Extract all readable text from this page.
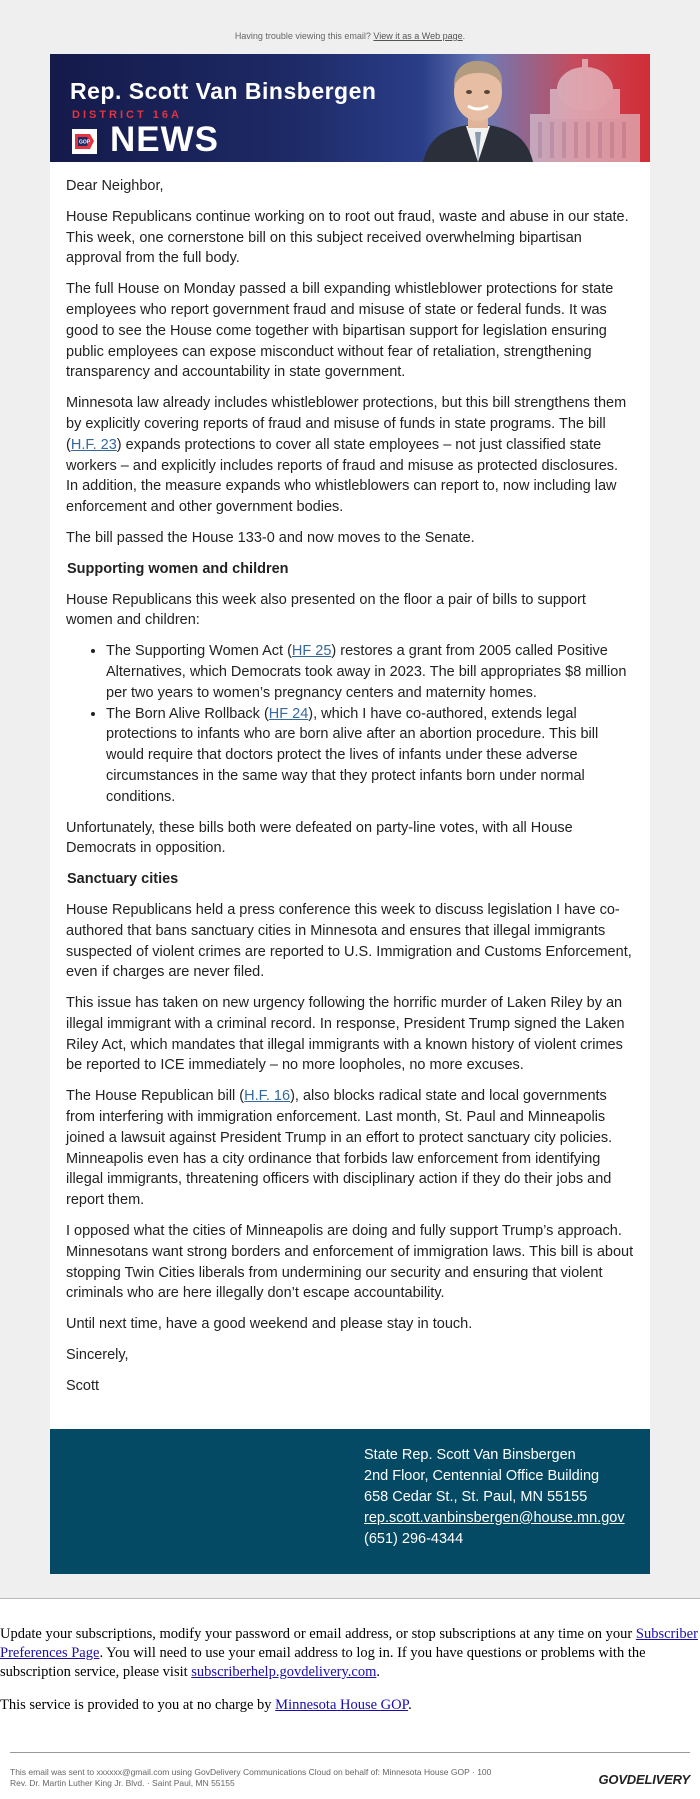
Having trouble viewing this email? View it as a Web page.
Rep. Scott Van Binsbergen
DISTRICT 16A
GOP NEWS

Dear Neighbor,

House Republicans continue working on to root out fraud, waste and abuse in our state. This week, one cornerstone bill on this subject received overwhelming bipartisan approval from the full body.

The full House on Monday passed a bill expanding whistleblower protections for state employees who report government fraud and misuse of state or federal funds. It was good to see the House come together with bipartisan support for legislation ensuring public employees can expose misconduct without fear of retaliation, strengthening transparency and accountability in state government.

Minnesota law already includes whistleblower protections, but this bill strengthens them by explicitly covering reports of fraud and misuse of funds in state programs. The bill (H.F. 23) expands protections to cover all state employees – not just classified state workers – and explicitly includes reports of fraud and misuse as protected disclosures. In addition, the measure expands who whistleblowers can report to, now including law enforcement and other government bodies.

The bill passed the House 133-0 and now moves to the Senate.

Supporting women and children

House Republicans this week also presented on the floor a pair of bills to support women and children:

• The Supporting Women Act (HF 25) restores a grant from 2005 called Positive Alternatives, which Democrats took away in 2023. The bill appropriates $8 million per two years to women’s pregnancy centers and maternity homes.
• The Born Alive Rollback (HF 24), which I have co-authored, extends legal protections to infants who are born alive after an abortion procedure. This bill would require that doctors protect the lives of infants under these adverse circumstances in the same way that they protect infants born under normal conditions.

Unfortunately, these bills both were defeated on party-line votes, with all House Democrats in opposition.

Sanctuary cities

House Republicans held a press conference this week to discuss legislation I have co-authored that bans sanctuary cities in Minnesota and ensures that illegal immigrants suspected of violent crimes are reported to U.S. Immigration and Customs Enforcement, even if charges are never filed.

This issue has taken on new urgency following the horrific murder of Laken Riley by an illegal immigrant with a criminal record. In response, President Trump signed the Laken Riley Act, which mandates that illegal immigrants with a known history of violent crimes be reported to ICE immediately – no more loopholes, no more excuses.

The House Republican bill (H.F. 16), also blocks radical state and local governments from interfering with immigration enforcement. Last month, St. Paul and Minneapolis joined a lawsuit against President Trump in an effort to protect sanctuary city policies. Minneapolis even has a city ordinance that forbids law enforcement from identifying illegal immigrants, threatening officers with disciplinary action if they do their jobs and report them.

I opposed what the cities of Minneapolis are doing and fully support Trump’s approach. Minnesotans want strong borders and enforcement of immigration laws. This bill is about stopping Twin Cities liberals from undermining our security and ensuring that violent criminals who are here illegally don’t escape accountability.

Until next time, have a good weekend and please stay in touch.

Sincerely,

Scott

State Rep. Scott Van Binsbergen
2nd Floor, Centennial Office Building
658 Cedar St., St. Paul, MN 55155
rep.scott.vanbinsbergen@house.mn.gov
(651) 296-4344

Update your subscriptions, modify your password or email address, or stop subscriptions at any time on your Subscriber Preferences Page. You will need to use your email address to log in. If you have questions or problems with the subscription service, please visit subscriberhelp.govdelivery.com.

This service is provided to you at no charge by Minnesota House GOP.

This email was sent to xxxxxx@gmail.com using GovDelivery Communications Cloud on behalf of: Minnesota House GOP · 100
Rev. Dr. Martin Luther King Jr. Blvd. · Saint Paul, MN 55155	GOVDELIVERY
